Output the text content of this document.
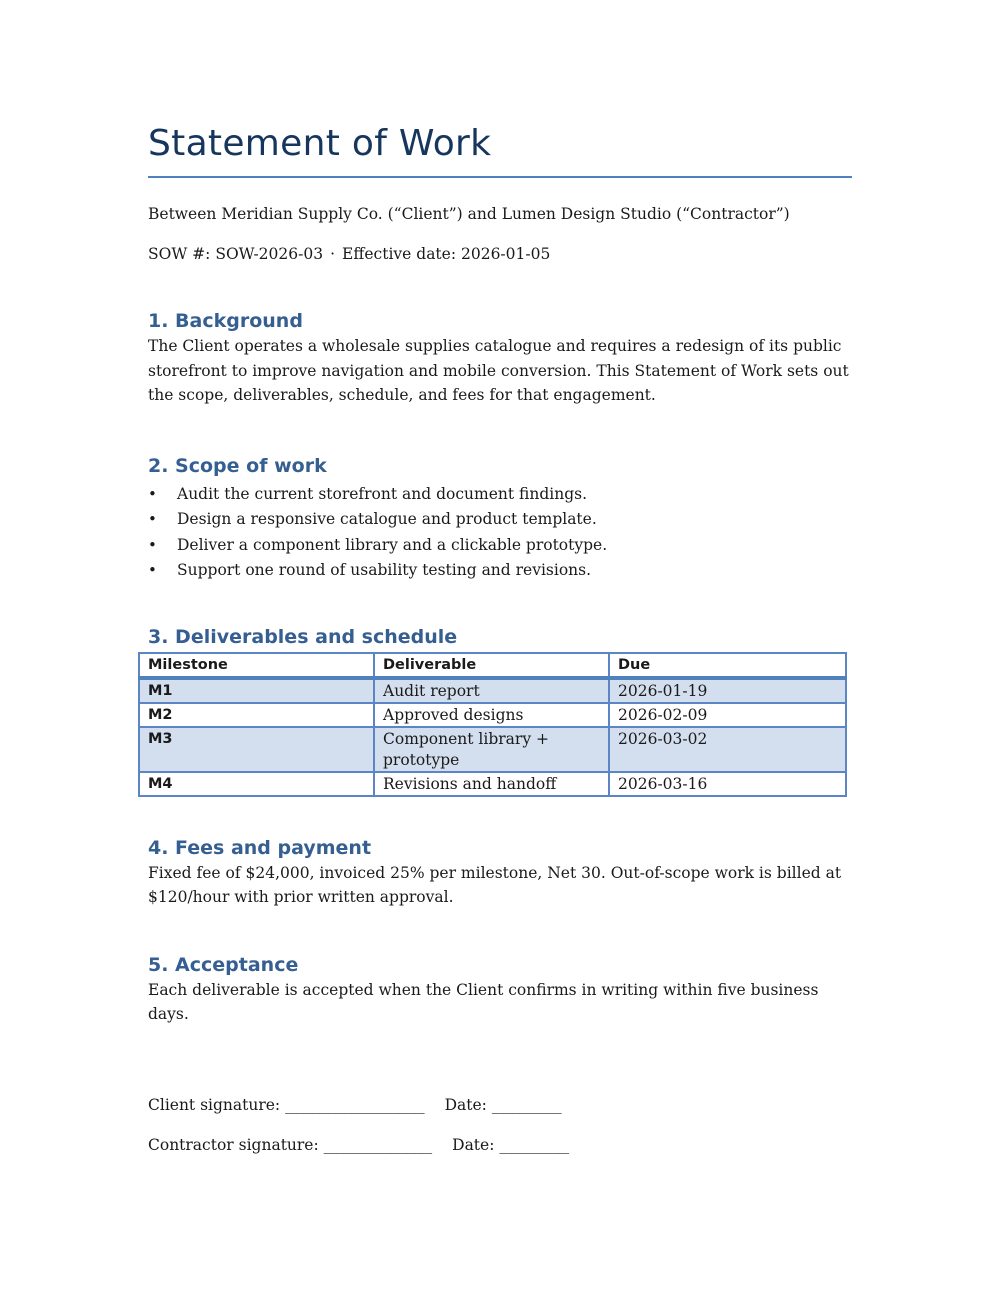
Statement of Work

Between Meridian Supply Co. (“Client”) and Lumen Design Studio (“Contractor”)

SOW #: SOW-2026-03 · Effective date: 2026-01-05

1. Background

The Client operates a wholesale supplies catalogue and requires a redesign of its public storefront to improve navigation and mobile conversion. This Statement of Work sets out the scope, deliverables, schedule, and fees for that engagement.

2. Scope of work
• Audit the current storefront and document findings.
• Design a responsive catalogue and product template.
• Deliver a component library and a clickable prototype.
• Support one round of usability testing and revisions.
3. Deliverables and schedule
Milestone	Deliverable	Due
M1	Audit report	2026-01-19
M2	Approved designs	2026-02-09
M3	Component library + prototype	2026-03-02
M4	Revisions and handoff	2026-03-16
4. Fees and payment

Fixed fee of $24,000, invoiced 25% per milestone, Net 30. Out-of-scope work is billed at $120/hour with prior written approval.

5. Acceptance

Each deliverable is accepted when the Client confirms in writing within five business days.

Client signature: __________________ Date: _________

Contractor signature: ______________ Date: _________
